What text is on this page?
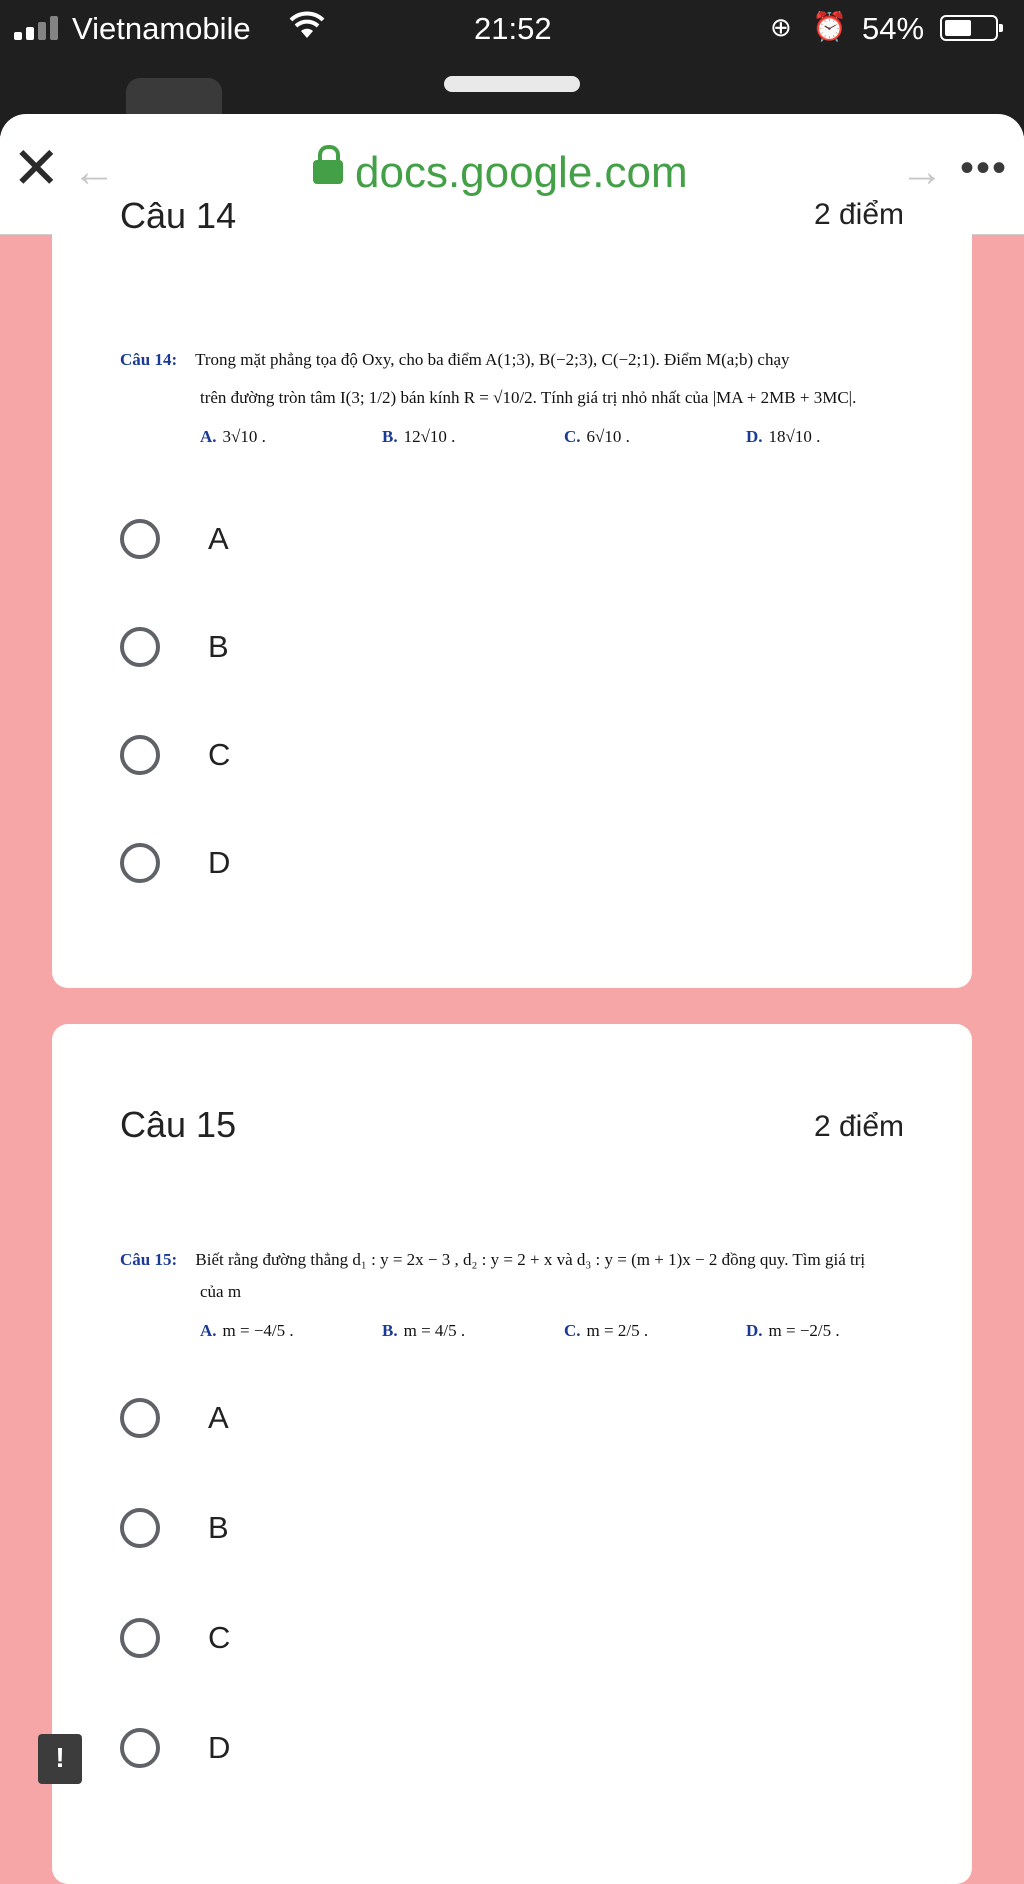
Vietnamobile	21:52	⊕ ⏰ 54%
✕ ←	docs.google.com	→ •••
Câu 14	2 điểm
Câu 14: Trong mặt phẳng tọa độ Oxy, cho ba điểm A(1;3), B(−2;3), C(−2;1). Điểm M(a;b) chạy
trên đường tròn tâm I(3; 1/2) bán kính R = √10/2. Tính giá trị nhỏ nhất của |MA + 2MB + 3MC|.
A. 3√10 .	B. 12√10 .	C. 6√10 .	D. 18√10 .
A
B
C
D
Câu 15	2 điểm
Câu 15: Biết rằng đường thẳng d₁ : y = 2x − 3 , d₂ : y = 2 + x và d₃ : y = (m + 1)x − 2 đồng quy. Tìm giá trị
của m
A. m = −4/5 .	B. m = 4/5 .	C. m = 2/5 .	D. m = −2/5 .
A
B
C
D
!
